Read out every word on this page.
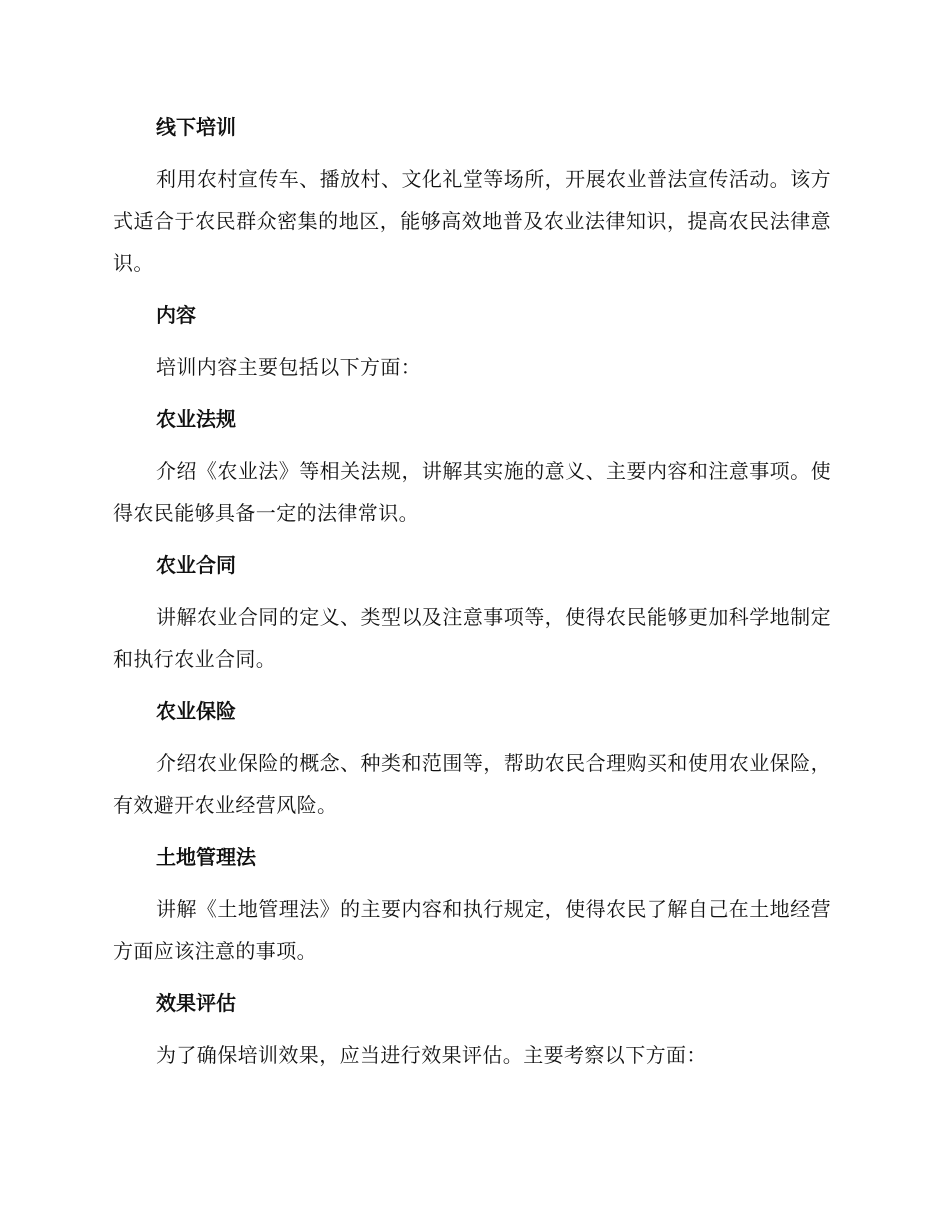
线下培训

利用农村宣传车、播放村、文化礼堂等场所，开展农业普法宣传活动。该方式适合于农民群众密集的地区，能够高效地普及农业法律知识，提高农民法律意识。

内容

培训内容主要包括以下方面：

农业法规

介绍《农业法》等相关法规，讲解其实施的意义、主要内容和注意事项。使得农民能够具备一定的法律常识。

农业合同

讲解农业合同的定义、类型以及注意事项等，使得农民能够更加科学地制定和执行农业合同。

农业保险

介绍农业保险的概念、种类和范围等，帮助农民合理购买和使用农业保险，有效避开农业经营风险。

土地管理法

讲解《土地管理法》的主要内容和执行规定，使得农民了解自己在土地经营方面应该注意的事项。

效果评估

为了确保培训效果，应当进行效果评估。主要考察以下方面：
